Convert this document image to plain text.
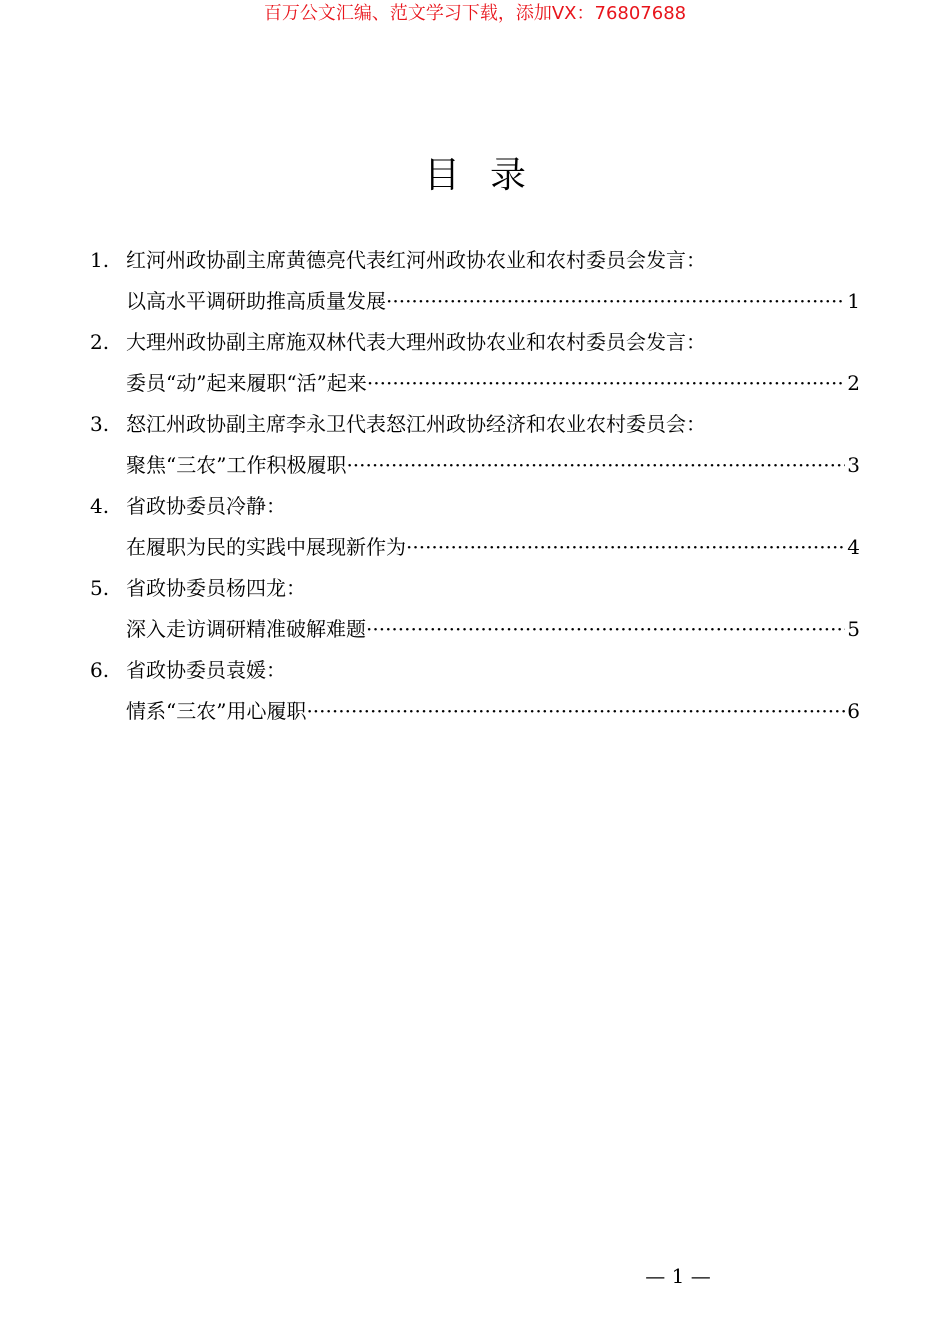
百万公文汇编、范文学习下载，添加VX：76807688
目录
1. 红河州政协副主席黄德亮代表红河州政协农业和农村委员会发言：
以高水平调研助推高质量发展 ·····	1
2. 大理州政协副主席施双林代表大理州政协农业和农村委员会发言：
委员“动”起来履职“活”起来 ·····	2
3. 怒江州政协副主席李永卫代表怒江州政协经济和农业农村委员会：
聚焦“三农”工作积极履职 ·····	3
4. 省政协委员冷静：
在履职为民的实践中展现新作为 ·····	4
5. 省政协委员杨四龙：
深入走访调研精准破解难题 ·····	5
6. 省政协委员袁媛：
情系“三农”用心履职 ·····	6
— 1 —
